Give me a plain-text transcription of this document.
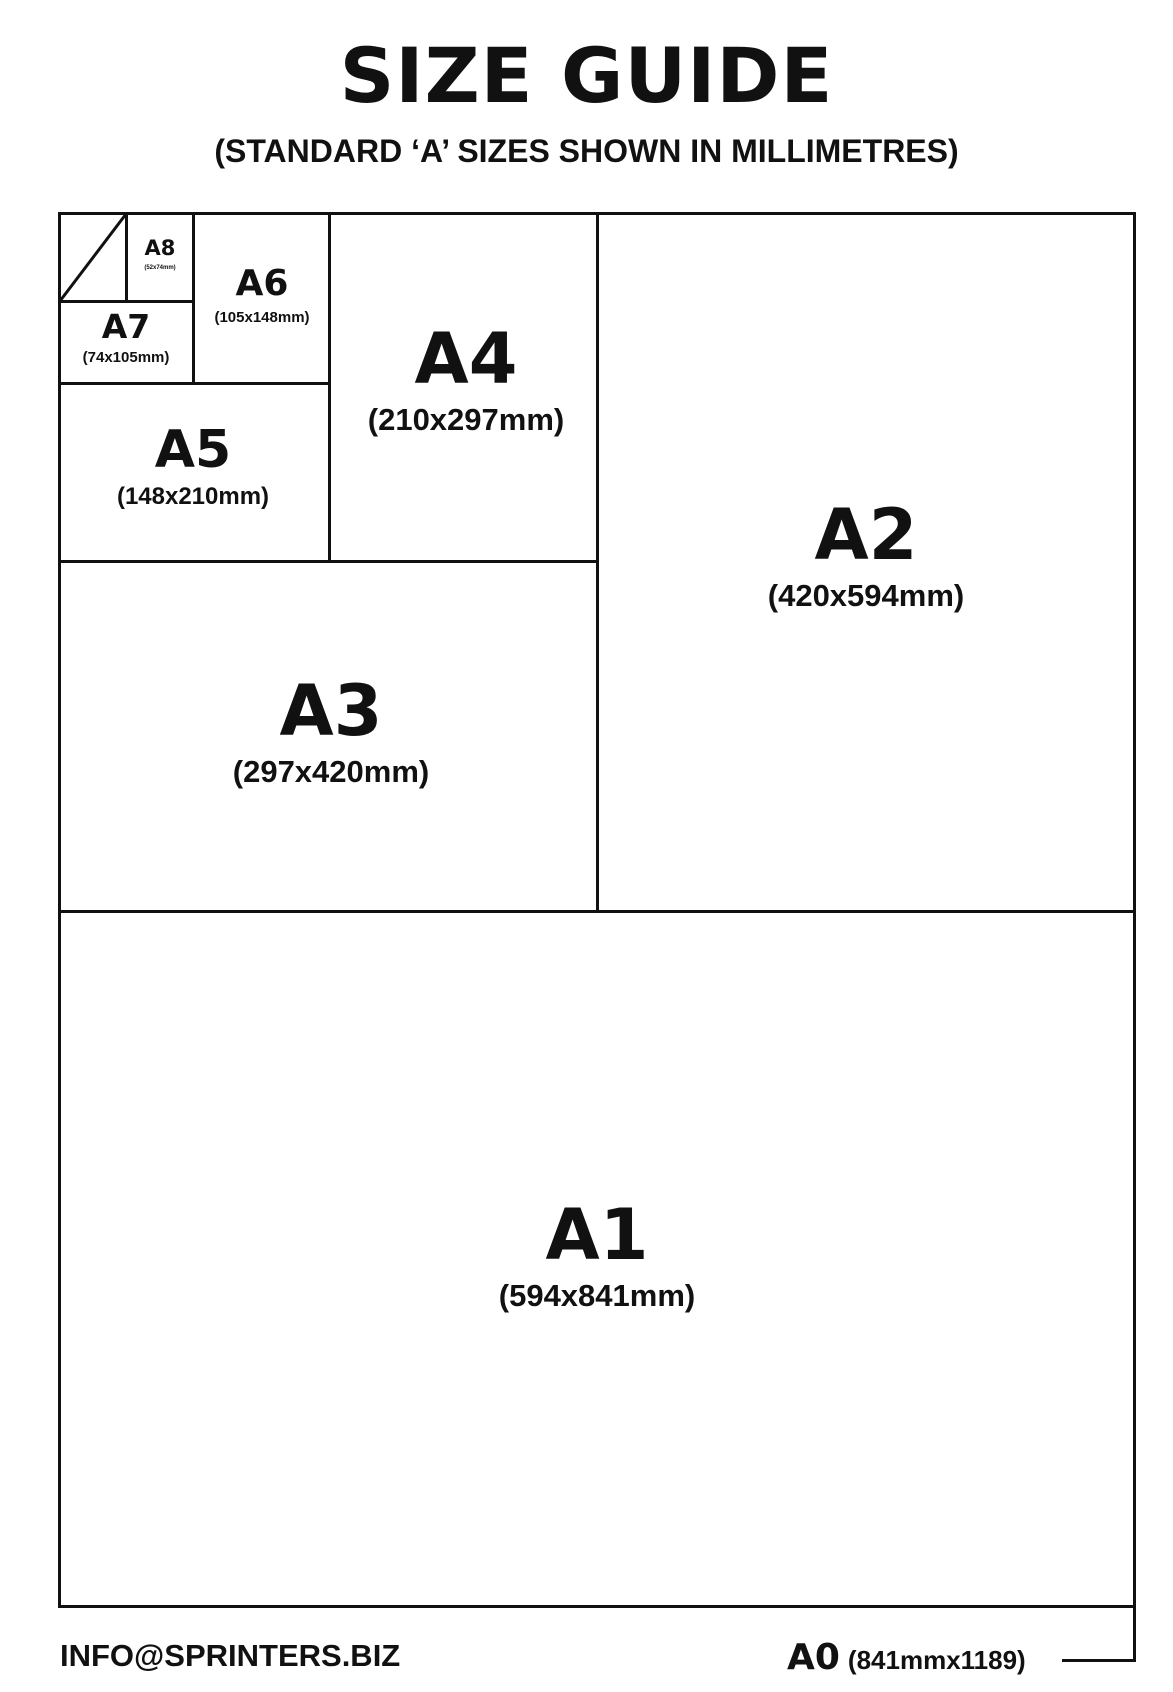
SIZE GUIDE
(STANDARD ‘A’ SIZES SHOWN IN MILLIMETRES)
A1
(594x841mm)
A2
(420x594mm)
A3
(297x420mm)
A4
(210x297mm)
A5
(148x210mm)
A6
(105x148mm)
A7
(74x105mm)
A8
(52x74mm)
INFO@SPRINTERS.BIZ	A0 (841mmx1189)
